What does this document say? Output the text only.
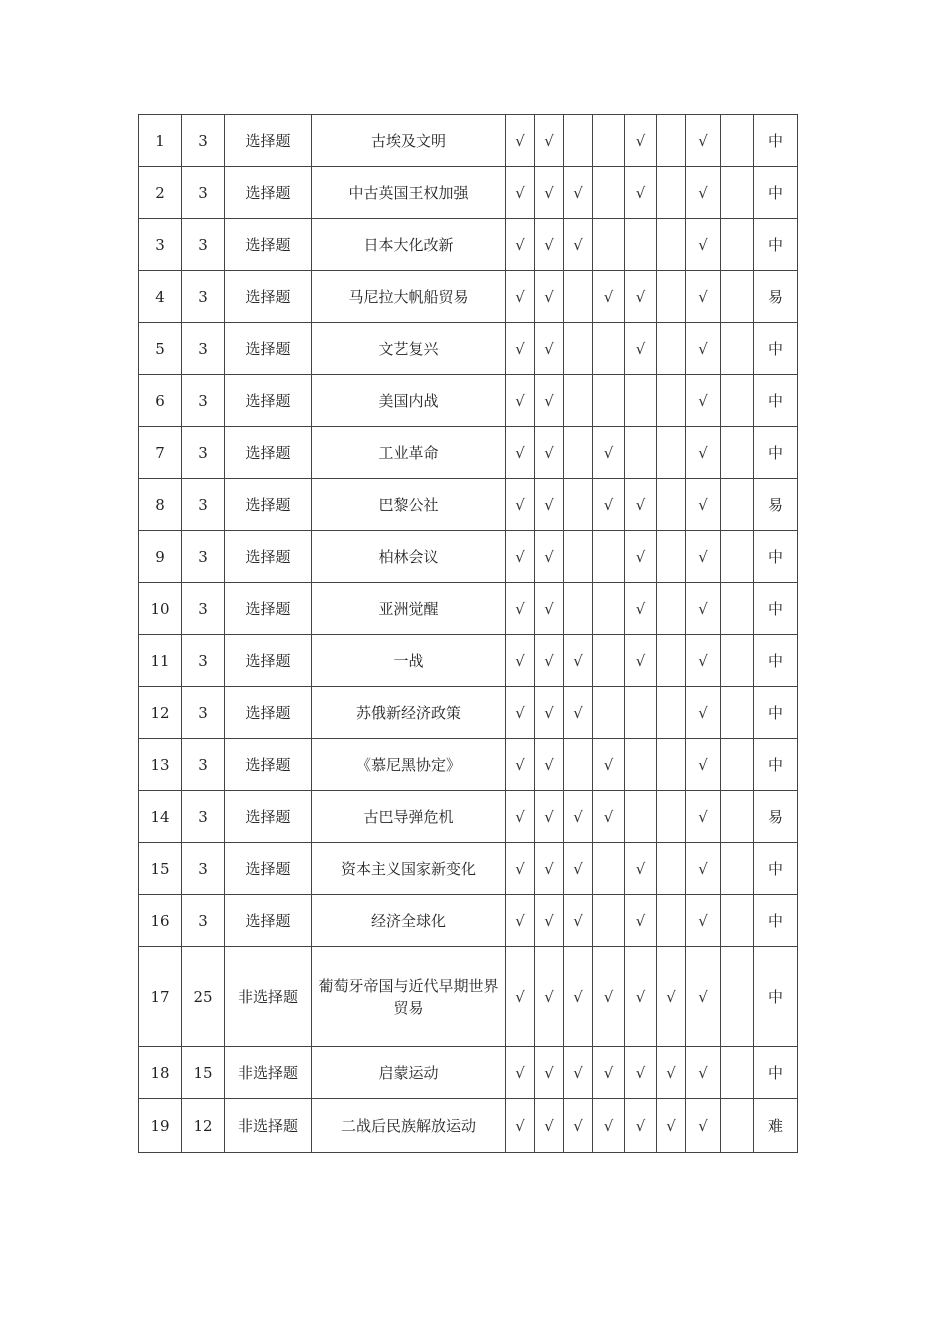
1	3	选择题	古埃及文明	√	√			√		√		中
2	3	选择题	中古英国王权加强	√	√	√		√		√		中
3	3	选择题	日本大化改新	√	√	√				√		中
4	3	选择题	马尼拉大帆船贸易	√	√		√	√		√		易
5	3	选择题	文艺复兴	√	√			√		√		中
6	3	选择题	美国内战	√	√					√		中
7	3	选择题	工业革命	√	√		√			√		中
8	3	选择题	巴黎公社	√	√		√	√		√		易
9	3	选择题	柏林会议	√	√			√		√		中
10	3	选择题	亚洲觉醒	√	√			√		√		中
11	3	选择题	一战	√	√	√		√		√		中
12	3	选择题	苏俄新经济政策	√	√	√				√		中
13	3	选择题	《慕尼黑协定》	√	√		√			√		中
14	3	选择题	古巴导弹危机	√	√	√	√			√		易
15	3	选择题	资本主义国家新变化	√	√	√		√		√		中
16	3	选择题	经济全球化	√	√	√		√		√		中
17	25	非选择题	葡萄牙帝国与近代早期世界贸易	√	√	√	√	√	√	√		中
18	15	非选择题	启蒙运动	√	√	√	√	√	√	√		中
19	12	非选择题	二战后民族解放运动	√	√	√	√	√	√	√		难
